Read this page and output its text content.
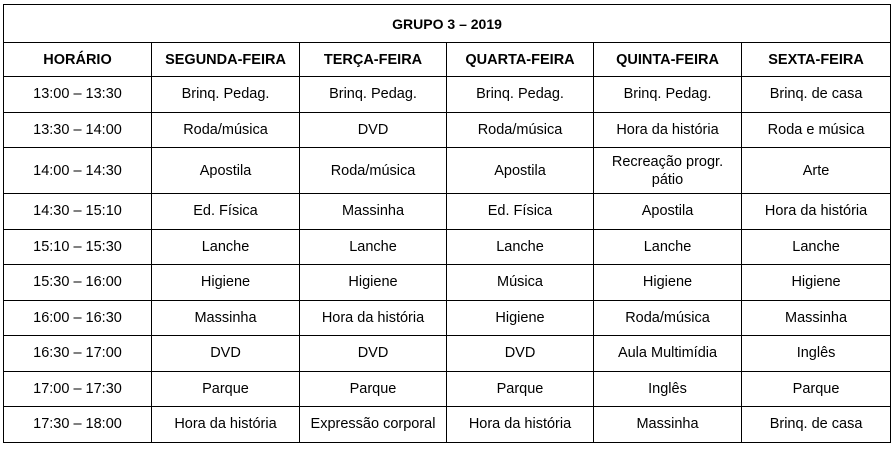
GRUPO 3 – 2019					
HORÁRIO	SEGUNDA-FEIRA	TERÇA-FEIRA	QUARTA-FEIRA	QUINTA-FEIRA	SEXTA-FEIRA
13:00 – 13:30	Brinq. Pedag.	Brinq. Pedag.	Brinq. Pedag.	Brinq. Pedag.	Brinq. de casa
13:30 – 14:00	Roda/música	DVD	Roda/música	Hora da história	Roda e música
14:00 – 14:30	Apostila	Roda/música	Apostila	Recreação progr. pátio	Arte
14:30 – 15:10	Ed. Física	Massinha	Ed. Física	Apostila	Hora da história
15:10 – 15:30	Lanche	Lanche	Lanche	Lanche	Lanche
15:30 – 16:00	Higiene	Higiene	Música	Higiene	Higiene
16:00 – 16:30	Massinha	Hora da história	Higiene	Roda/música	Massinha
16:30 – 17:00	DVD	DVD	DVD	Aula Multimídia	Inglês
17:00 – 17:30	Parque	Parque	Parque	Inglês	Parque
17:30 – 18:00	Hora da história	Expressão corporal	Hora da história	Massinha	Brinq. de casa
